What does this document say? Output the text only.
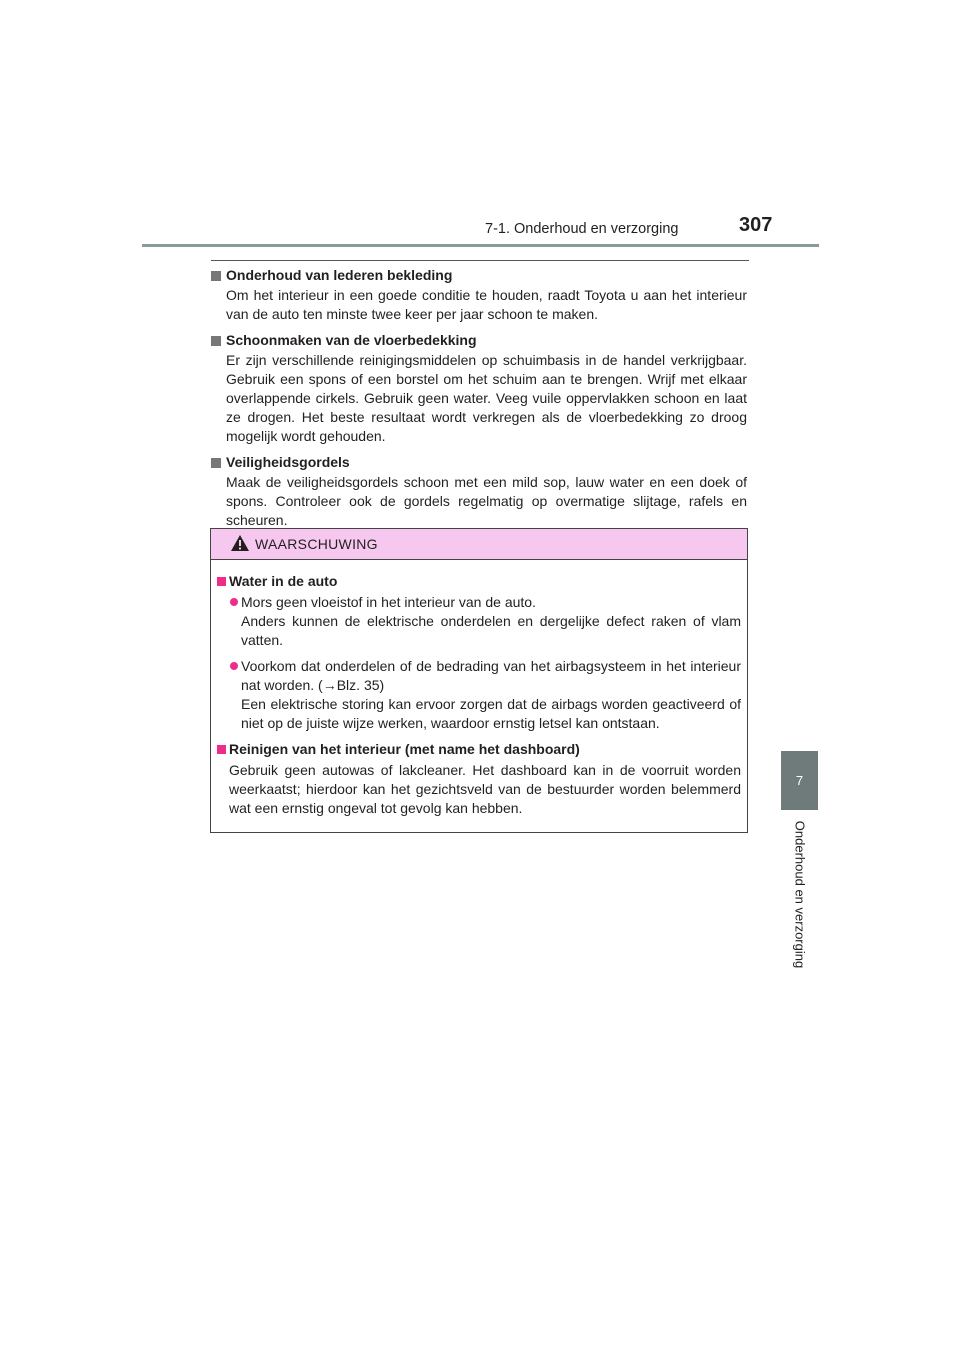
7-1. Onderhoud en verzorging	307
Onderhoud van lederen bekleding
Om het interieur in een goede conditie te houden, raadt Toyota u aan het interieur van de auto ten minste twee keer per jaar schoon te maken.
Schoonmaken van de vloerbedekking
Er zijn verschillende reinigingsmiddelen op schuimbasis in de handel verkrijgbaar. Gebruik een spons of een borstel om het schuim aan te brengen. Wrijf met elkaar overlappende cirkels. Gebruik geen water. Veeg vuile oppervlakken schoon en laat ze drogen. Het beste resultaat wordt verkregen als de vloerbedekking zo droog mogelijk wordt gehouden.
Veiligheidsgordels
Maak de veiligheidsgordels schoon met een mild sop, lauw water en een doek of spons. Controleer ook de gordels regelmatig op overmatige slijtage, rafels en scheuren.
WAARSCHUWING
Water in de auto
Mors geen vloeistof in het interieur van de auto.
Anders kunnen de elektrische onderdelen en dergelijke defect raken of vlam vatten.
Voorkom dat onderdelen of de bedrading van het airbagsysteem in het interieur nat worden. (→Blz. 35)
Een elektrische storing kan ervoor zorgen dat de airbags worden geactiveerd of niet op de juiste wijze werken, waardoor ernstig letsel kan ontstaan.
Reinigen van het interieur (met name het dashboard)
Gebruik geen autowas of lakcleaner. Het dashboard kan in de voorruit worden weerkaatst; hierdoor kan het gezichtsveld van de bestuurder worden belemmerd wat een ernstig ongeval tot gevolg kan hebben.
7
Onderhoud en verzorging
